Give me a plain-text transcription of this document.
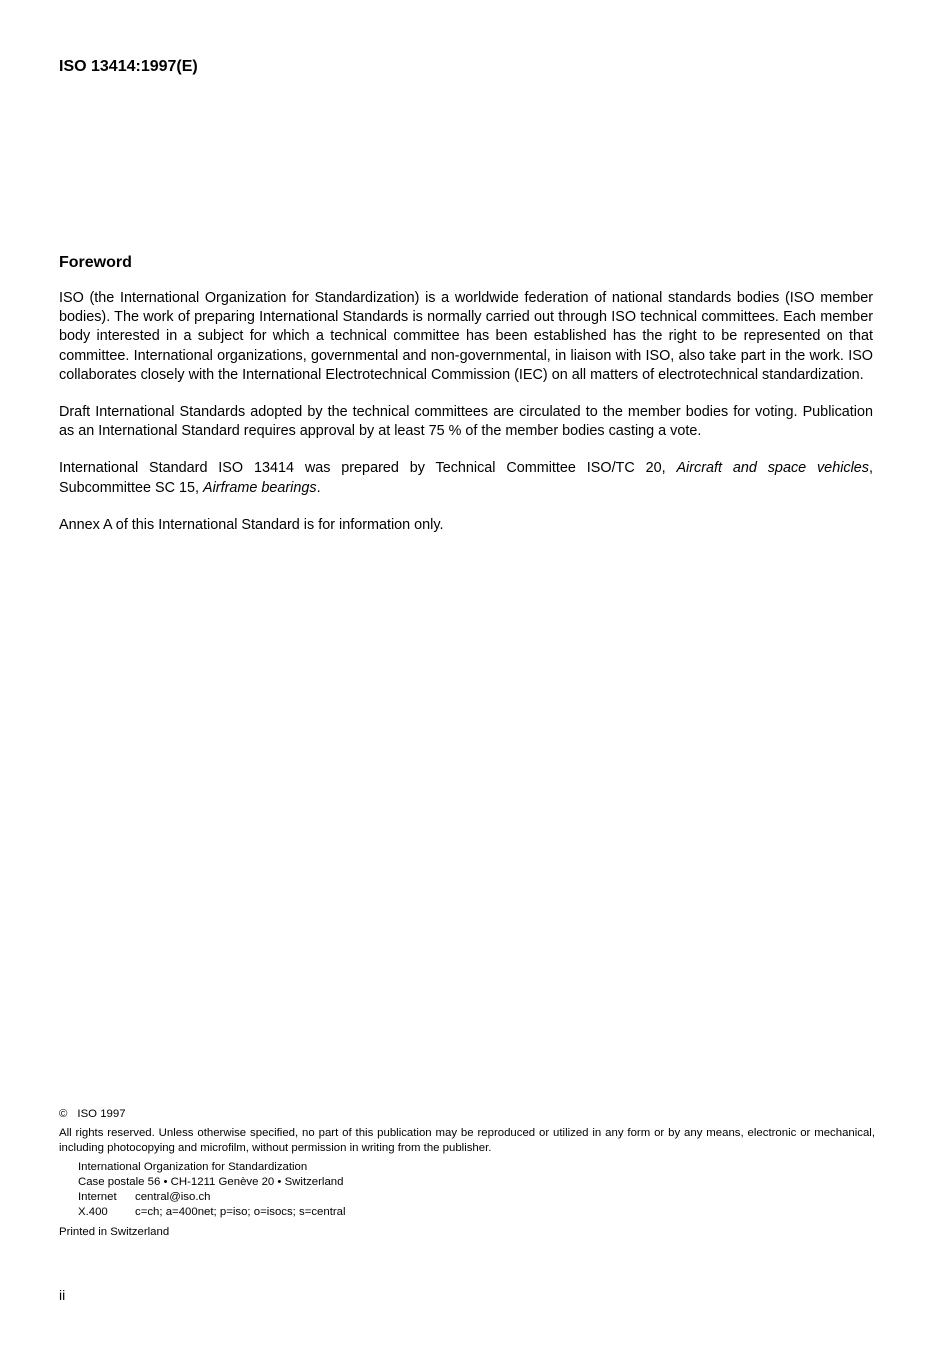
ISO 13414:1997(E)

Foreword

ISO (the International Organization for Standardization) is a worldwide federation of national standards bodies (ISO member bodies). The work of preparing International Standards is normally carried out through ISO technical committees. Each member body interested in a subject for which a technical committee has been established has the right to be represented on that committee. International organizations, governmental and non-governmental, in liaison with ISO, also take part in the work. ISO collaborates closely with the International Electrotechnical Commission (IEC) on all matters of electrotechnical standardization.

Draft International Standards adopted by the technical committees are circulated to the member bodies for voting. Publication as an International Standard requires approval by at least 75 % of the member bodies casting a vote.

International Standard ISO 13414 was prepared by Technical Committee ISO/TC 20, Aircraft and space vehicles, Subcommittee SC 15, Airframe bearings.

Annex A of this International Standard is for information only.

© ISO 1997
All rights reserved. Unless otherwise specified, no part of this publication may be reproduced or utilized in any form or by any means, electronic or mechanical, including photocopying and microfilm, without permission in writing from the publisher.
International Organization for Standardization
Case postale 56 • CH-1211 Genève 20 • Switzerland
Internet central@iso.ch
X.400 c=ch; a=400net; p=iso; o=isocs; s=central
Printed in Switzerland

ii
